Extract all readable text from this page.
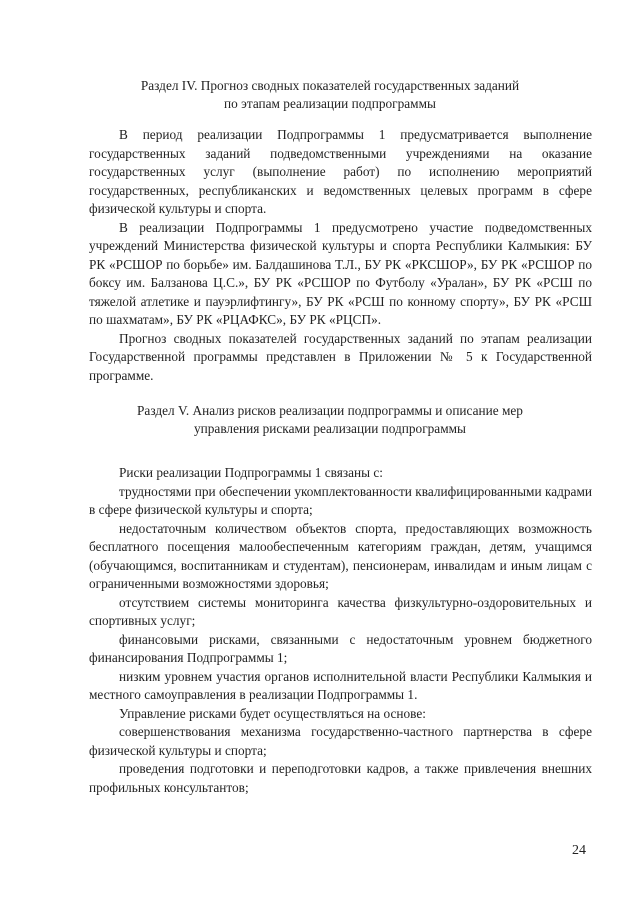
Раздел IV. Прогноз сводных показателей государственных заданий
по этапам реализации подпрограммы

В период реализации Подпрограммы 1 предусматривается выполнение государственных заданий подведомственными учреждениями на оказание государственных услуг (выполнение работ) по исполнению мероприятий государственных, республиканских и ведомственных целевых программ в сфере физической культуры и спорта.

В реализации Подпрограммы 1 предусмотрено участие подведомственных учреждений Министерства физической культуры и спорта Республики Калмыкия: БУ РК «РСШОР по борьбе» им. Балдашинова Т.Л., БУ РК «РКСШОР», БУ РК «РСШОР по боксу им. Балзанова Ц.С.», БУ РК «РСШОР по Футболу «Уралан», БУ РК «РСШ по тяжелой атлетике и пауэрлифтингу», БУ РК «РСШ по конному спорту», БУ РК «РСШ по шахматам», БУ РК «РЦАФКС», БУ РК «РЦСП».

Прогноз сводных показателей государственных заданий по этапам реализации Государственной программы представлен в Приложении № 5 к Государственной программе.

Раздел V. Анализ рисков реализации подпрограммы и описание мер
управления рисками реализации подпрограммы

Риски реализации Подпрограммы 1 связаны с:

трудностями при обеспечении укомплектованности квалифицированными кадрами в сфере физической культуры и спорта;

недостаточным количеством объектов спорта, предоставляющих возможность бесплатного посещения малообеспеченным категориям граждан, детям, учащимся (обучающимся, воспитанникам и студентам), пенсионерам, инвалидам и иным лицам с ограниченными возможностями здоровья;

отсутствием системы мониторинга качества физкультурно-оздоровительных и спортивных услуг;

финансовыми рисками, связанными с недостаточным уровнем бюджетного финансирования Подпрограммы 1;

низким уровнем участия органов исполнительной власти Республики Калмыкия и местного самоуправления в реализации Подпрограммы 1.

Управление рисками будет осуществляться на основе:

совершенствования механизма государственно-частного партнерства в сфере физической культуры и спорта;

проведения подготовки и переподготовки кадров, а также привлечения внешних профильных консультантов;

24
